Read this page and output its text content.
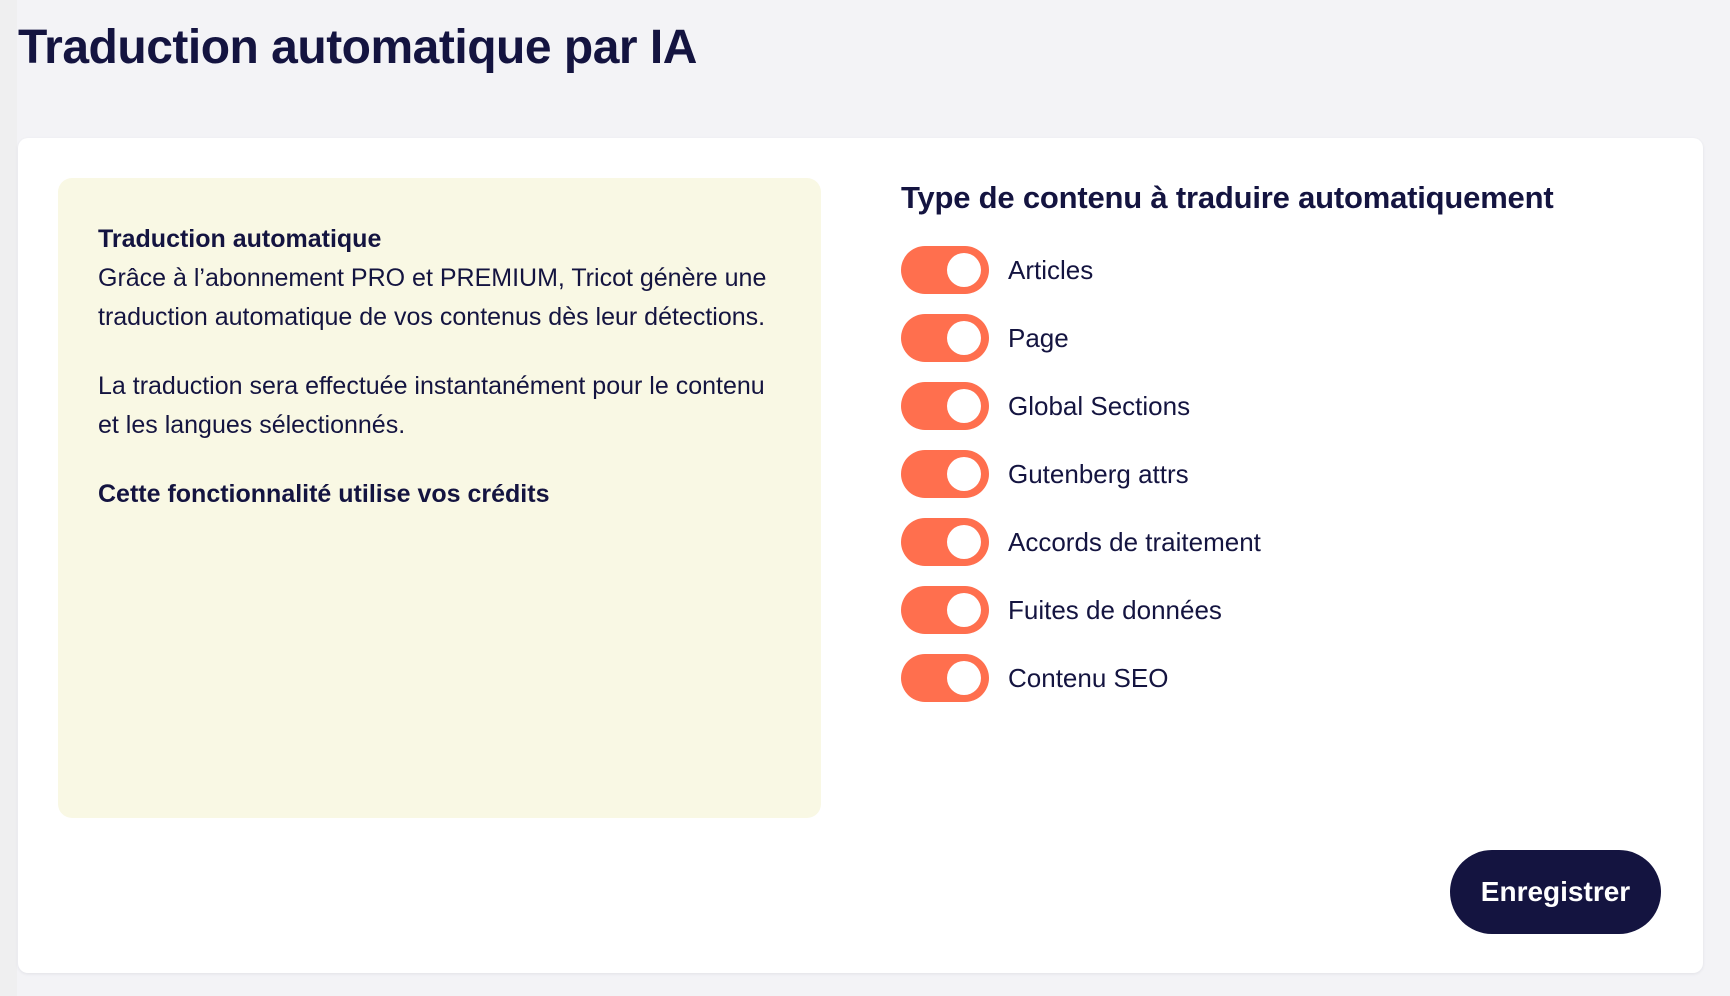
Traduction automatique par IA

Traduction automatique
Grâce à l’abonnement PRO et PREMIUM, Tricot génère une traduction automatique de vos contenus dès leur détections.

La traduction sera effectuée instantanément pour le contenu et les langues sélectionnés.

Cette fonctionnalité utilise vos crédits

Type de contenu à traduire automatiquement
Articles
Page
Global Sections
Gutenberg attrs
Accords de traitement
Fuites de données
Contenu SEO
Enregistrer
